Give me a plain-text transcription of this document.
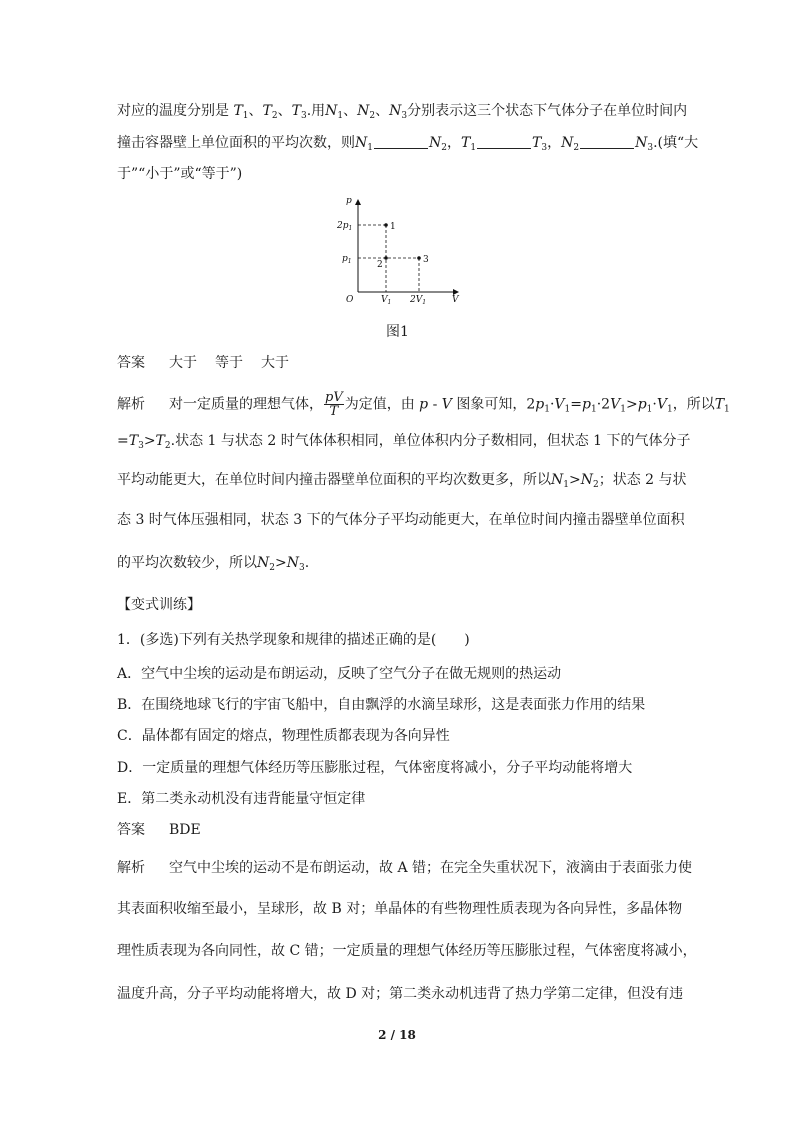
对应的温度分别是 $T_1$、$T_2$、$T_3$.用$N_1$、$N_2$、$N_3$分别表示这三个状态下气体分子在单位时间内
撞击容器壁上单位面积的平均次数，则$N_1$	$N_2$，$T_1$	$T_3$，$N_2$	$N_3$.(填“大
于”“小于”或“等于”)
p
V
O
$2p_1$
$p_1$
$V_1$ $2V_1$
1
2	3
图1
答案 大于 等于 大于
解析 对一定质量的理想气体， $\frac{pV}{T}$ 为定值，由 p - V 图象可知，$2p_1\cdot V_1=p_1\cdot 2V_1>p_1\cdot V_1$，所以$T_1$
$=T_3>T_2$.状态 1 与状态 2 时气体体积相同，单位体积内分子数相同，但状态 1 下的气体分子
平均动能更大，在单位时间内撞击器壁单位面积的平均次数更多，所以$N_1>N_2$；状态 2 与状
态 3 时气体压强相同，状态 3 下的气体分子平均动能更大，在单位时间内撞击器壁单位面积
的平均次数较少，所以$N_2>N_3$.
【变式训练】
1．(多选)下列有关热学现象和规律的描述正确的是(　　)
A．空气中尘埃的运动是布朗运动，反映了空气分子在做无规则的热运动
B．在围绕地球飞行的宇宙飞船中，自由飘浮的水滴呈球形，这是表面张力作用的结果
C．晶体都有固定的熔点，物理性质都表现为各向异性
D．一定质量的理想气体经历等压膨胀过程，气体密度将减小，分子平均动能将增大
E．第二类永动机没有违背能量守恒定律
答案 BDE
解析 空气中尘埃的运动不是布朗运动，故 A 错；在完全失重状况下，液滴由于表面张力使
其表面积收缩至最小，呈球形，故 B 对；单晶体的有些物理性质表现为各向异性，多晶体物
理性质表现为各向同性，故 C 错；一定质量的理想气体经历等压膨胀过程，气体密度将减小，
温度升高，分子平均动能将增大，故 D 对；第二类永动机违背了热力学第二定律，但没有违
2 / 18
